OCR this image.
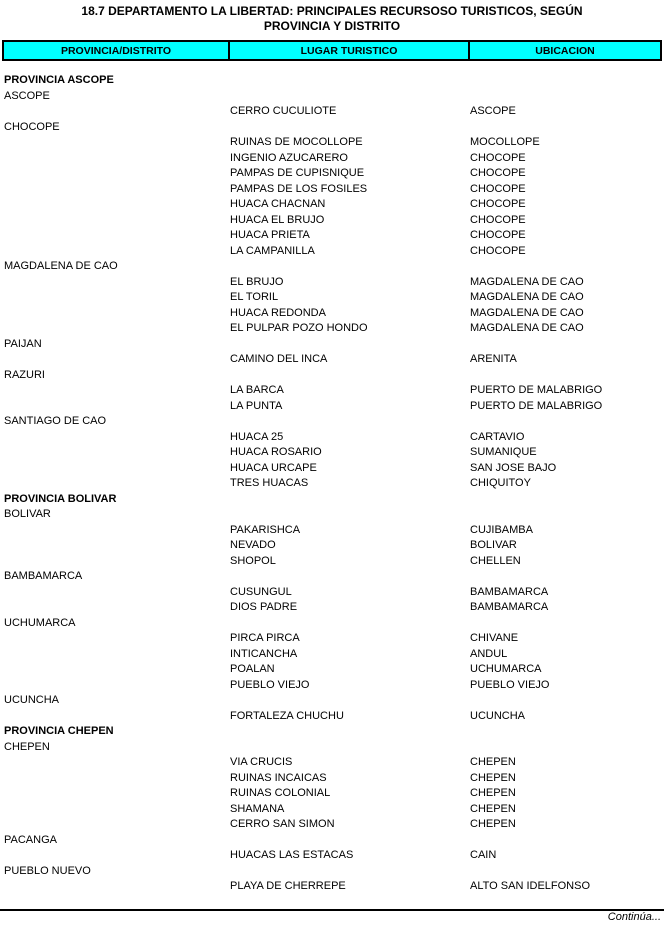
18.7 DEPARTAMENTO LA LIBERTAD: PRINCIPALES RECURSOSO TURISTICOS, SEGÚN
PROVINCIA Y DISTRITO
PROVINCIA/DISTRITO	LUGAR TURISTICO	UBICACION
PROVINCIA ASCOPE
ASCOPE
CERRO CUCULIOTE	ASCOPE
CHOCOPE
RUINAS DE MOCOLLOPE	MOCOLLOPE
INGENIO AZUCARERO	CHOCOPE
PAMPAS DE CUPISNIQUE	CHOCOPE
PAMPAS DE LOS FOSILES	CHOCOPE
HUACA CHACNAN	CHOCOPE
HUACA EL BRUJO	CHOCOPE
HUACA PRIETA	CHOCOPE
LA CAMPANILLA	CHOCOPE
MAGDALENA DE CAO
EL BRUJO	MAGDALENA DE CAO
EL TORIL	MAGDALENA DE CAO
HUACA REDONDA	MAGDALENA DE CAO
EL PULPAR POZO HONDO	MAGDALENA DE CAO
PAIJAN
CAMINO DEL INCA	ARENITA
RAZURI
LA BARCA	PUERTO DE MALABRIGO
LA PUNTA	PUERTO DE MALABRIGO
SANTIAGO DE CAO
HUACA 25	CARTAVIO
HUACA ROSARIO	SUMANIQUE
HUACA URCAPE	SAN JOSE BAJO
TRES HUACAS	CHIQUITOY
PROVINCIA BOLIVAR
BOLIVAR
PAKARISHCA	CUJIBAMBA
NEVADO	BOLIVAR
SHOPOL	CHELLEN
BAMBAMARCA
CUSUNGUL	BAMBAMARCA
DIOS PADRE	BAMBAMARCA
UCHUMARCA
PIRCA PIRCA	CHIVANE
INTICANCHA	ANDUL
POALAN	UCHUMARCA
PUEBLO VIEJO	PUEBLO VIEJO
UCUNCHA
FORTALEZA CHUCHU	UCUNCHA
PROVINCIA CHEPEN
CHEPEN
VIA CRUCIS	CHEPEN
RUINAS INCAICAS	CHEPEN
RUINAS COLONIAL	CHEPEN
SHAMANA	CHEPEN
CERRO SAN SIMON	CHEPEN
PACANGA
HUACAS LAS ESTACAS	CAIN
PUEBLO NUEVO
PLAYA DE CHERREPE	ALTO SAN IDELFONSO
Continúa...
